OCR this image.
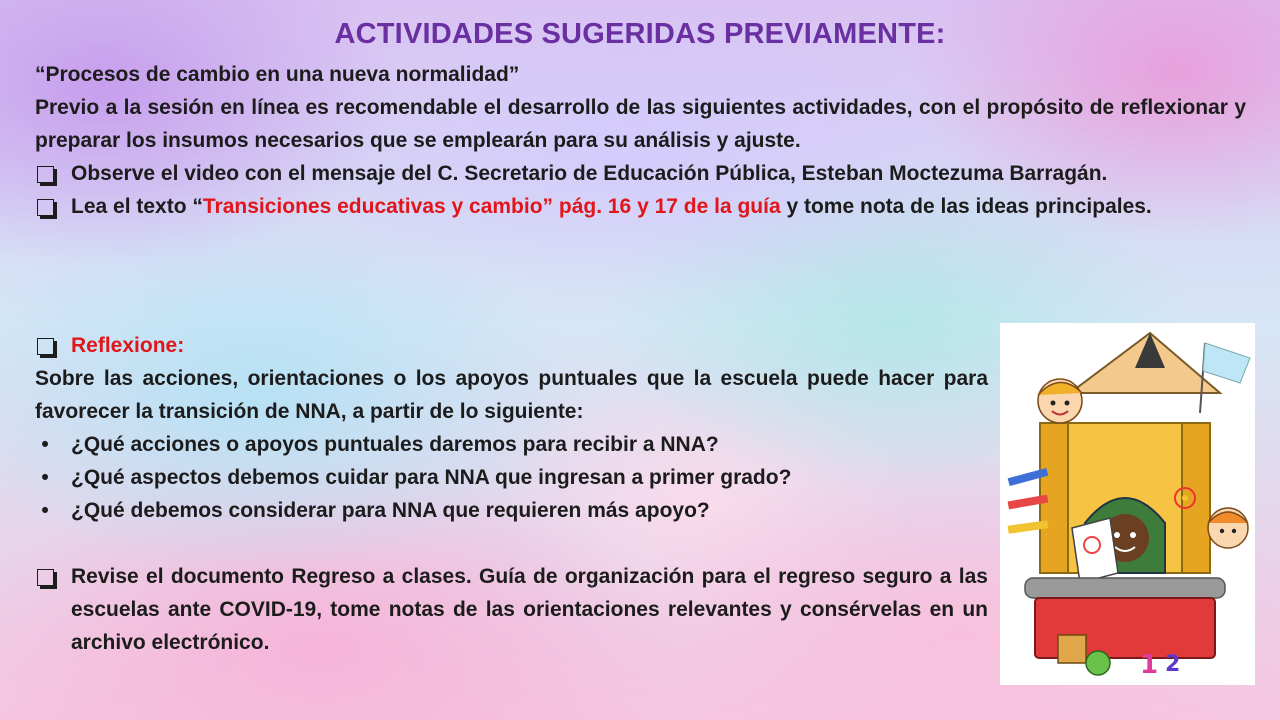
ACTIVIDADES SUGERIDAS PREVIAMENTE:

“Procesos de cambio en una nueva normalidad”

Previo a la sesión en línea es recomendable el desarrollo de las siguientes actividades, con el propósito de reflexionar y preparar los insumos necesarios que se emplearán para su análisis y ajuste.

Observe el video con el mensaje del C. Secretario de Educación Pública, Esteban Moctezuma Barragán.
Lea el texto “Transiciones educativas y cambio” pág. 16 y 17 de la guía y tome nota de las ideas principales.
Reflexione:

Sobre las acciones, orientaciones o los apoyos puntuales que la escuela puede hacer para favorecer la transición de NNA, a partir de lo siguiente:

•	¿Qué acciones o apoyos puntuales daremos para recibir a NNA?
•	¿Qué aspectos debemos cuidar para NNA que ingresan a primer grado?
•	¿Qué debemos considerar para NNA que requieren más apoyo?
Revise el documento Regreso a clases. Guía de organización para el regreso seguro a las escuelas ante COVID-19, tome notas de las orientaciones relevantes y consérvelas en un archivo electrónico.
1 2
